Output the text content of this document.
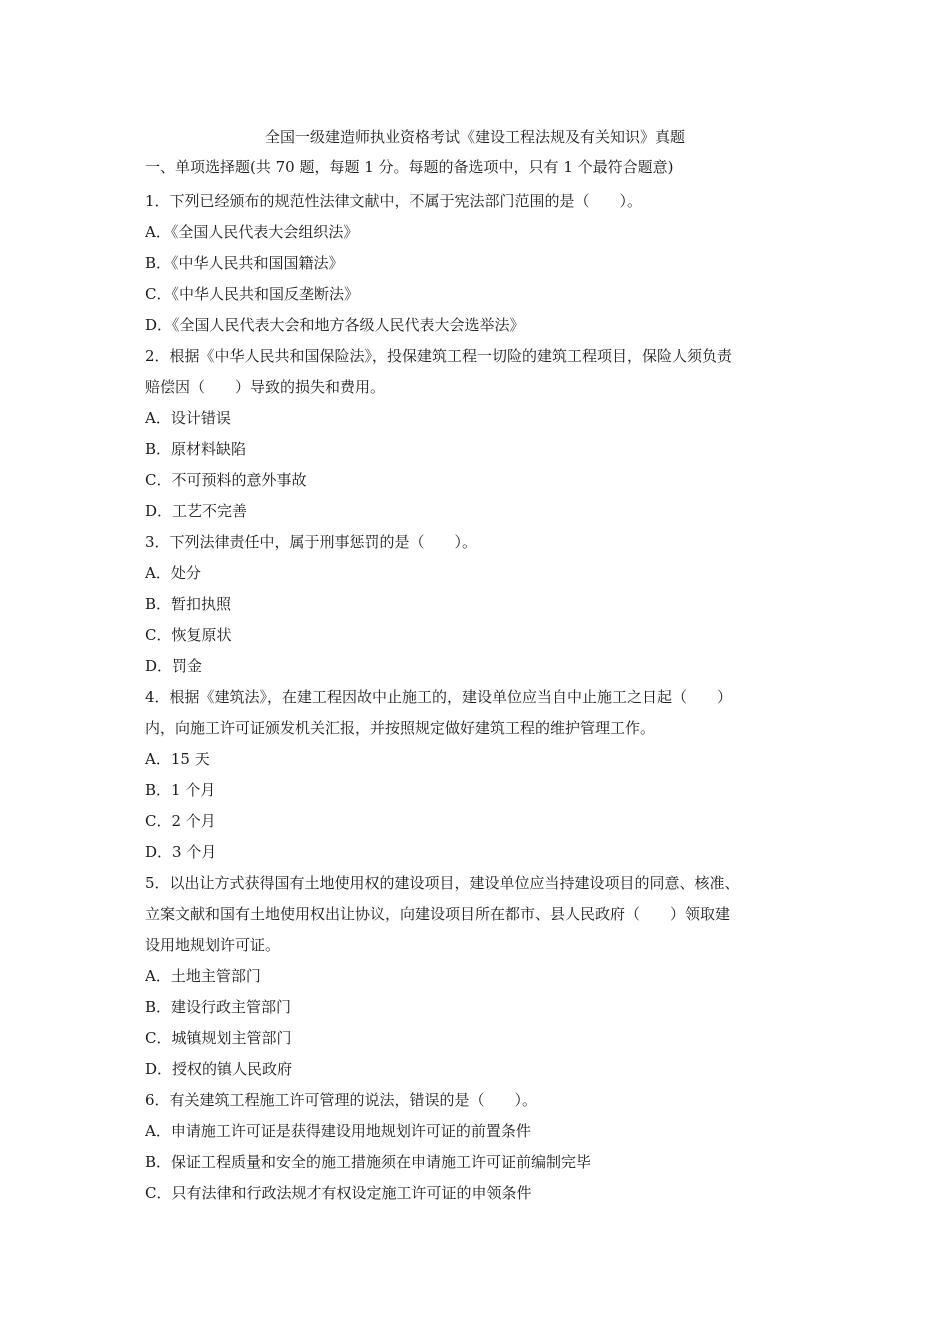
全国一级建造师执业资格考试《建设工程法规及有关知识》真题
一、单项选择题(共 70 题，每题 1 分。每题的备选项中，只有 1 个最符合题意)
1．下列已经颁布的规范性法律文献中，不属于宪法部门范围的是（　　）。
A．《全国人民代表大会组织法》
B．《中华人民共和国国籍法》
C．《中华人民共和国反垄断法》
D．《全国人民代表大会和地方各级人民代表大会选举法》
2．根据《中华人民共和国保险法》，投保建筑工程一切险的建筑工程项目，保险人须负责
赔偿因（　　）导致的损失和费用。
A．设计错误
B．原材料缺陷
C．不可预料的意外事故
D．工艺不完善
3．下列法律责任中，属于刑事惩罚的是（　　）。
A．处分
B．暂扣执照
C．恢复原状
D．罚金
4．根据《建筑法》，在建工程因故中止施工的，建设单位应当自中止施工之日起（　　）
内，向施工许可证颁发机关汇报，并按照规定做好建筑工程的维护管理工作。
A．15 天
B．1 个月
C．2 个月
D．3 个月
5．以出让方式获得国有土地使用权的建设项目，建设单位应当持建设项目的同意、核准、
立案文献和国有土地使用权出让协议，向建设项目所在都市、县人民政府（　　）领取建
设用地规划许可证。
A．土地主管部门
B．建设行政主管部门
C．城镇规划主管部门
D．授权的镇人民政府
6．有关建筑工程施工许可管理的说法，错误的是（　　）。
A．申请施工许可证是获得建设用地规划许可证的前置条件
B．保证工程质量和安全的施工措施须在申请施工许可证前编制完毕
C．只有法律和行政法规才有权设定施工许可证的申领条件
